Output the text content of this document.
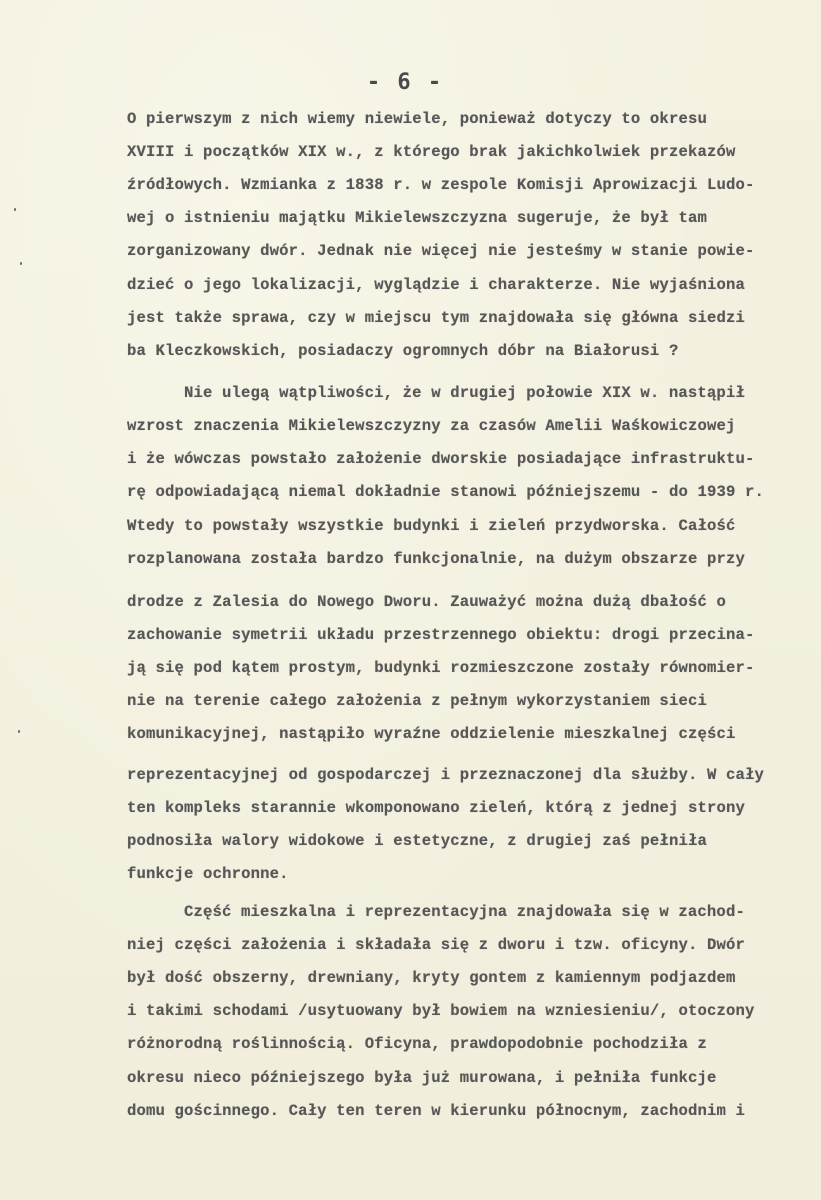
- 6 -
O pierwszym z nich wiemy niewiele, ponieważ dotyczy to okresu
XVIII i początków XIX w., z którego brak jakichkolwiek przekazów
źródłowych. Wzmianka z 1838 r. w zespole Komisji Aprowizacji Ludo-
wej o istnieniu majątku Mikielewszczyzna sugeruje, że był tam
zorganizowany dwór. Jednak nie więcej nie jesteśmy w stanie powie-
dzieć o jego lokalizacji, wyglądzie i charakterze. Nie wyjaśniona
jest także sprawa, czy w miejscu tym znajdowała się główna siedzi
ba Kleczkowskich, posiadaczy ogromnych dóbr na Białorusi ?
Nie ulegą wątpliwości, że w drugiej połowie XIX w. nastąpił
wzrost znaczenia Mikielewszczyzny za czasów Amelii Waśkowiczowej
i że wówczas powstało założenie dworskie posiadające infrastruktu-
rę odpowiadającą niemal dokładnie stanowi późniejszemu - do 1939 r.
Wtedy to powstały wszystkie budynki i zieleń przydworska. Całość
rozplanowana została bardzo funkcjonalnie, na dużym obszarze przy
drodze z Zalesia do Nowego Dworu. Zauważyć można dużą dbałość o
zachowanie symetrii układu przestrzennego obiektu: drogi przecina-
ją się pod kątem prostym, budynki rozmieszczone zostały równomier-
nie na terenie całego założenia z pełnym wykorzystaniem sieci
komunikacyjnej, nastąpiło wyraźne oddzielenie mieszkalnej części
reprezentacyjnej od gospodarczej i przeznaczonej dla służby. W cały
ten kompleks starannie wkomponowano zieleń, którą z jednej strony
podnosiła walory widokowe i estetyczne, z drugiej zaś pełniła
funkcje ochronne.
Część mieszkalna i reprezentacyjna znajdowała się w zachod-
niej części założenia i składała się z dworu i tzw. oficyny. Dwór
był dość obszerny, drewniany, kryty gontem z kamiennym podjazdem
i takimi schodami /usytuowany był bowiem na wzniesieniu/, otoczony
różnorodną roślinnością. Oficyna, prawdopodobnie pochodziła z
okresu nieco późniejszego była już murowana, i pełniła funkcje
domu gościnnego. Cały ten teren w kierunku północnym, zachodnim i
